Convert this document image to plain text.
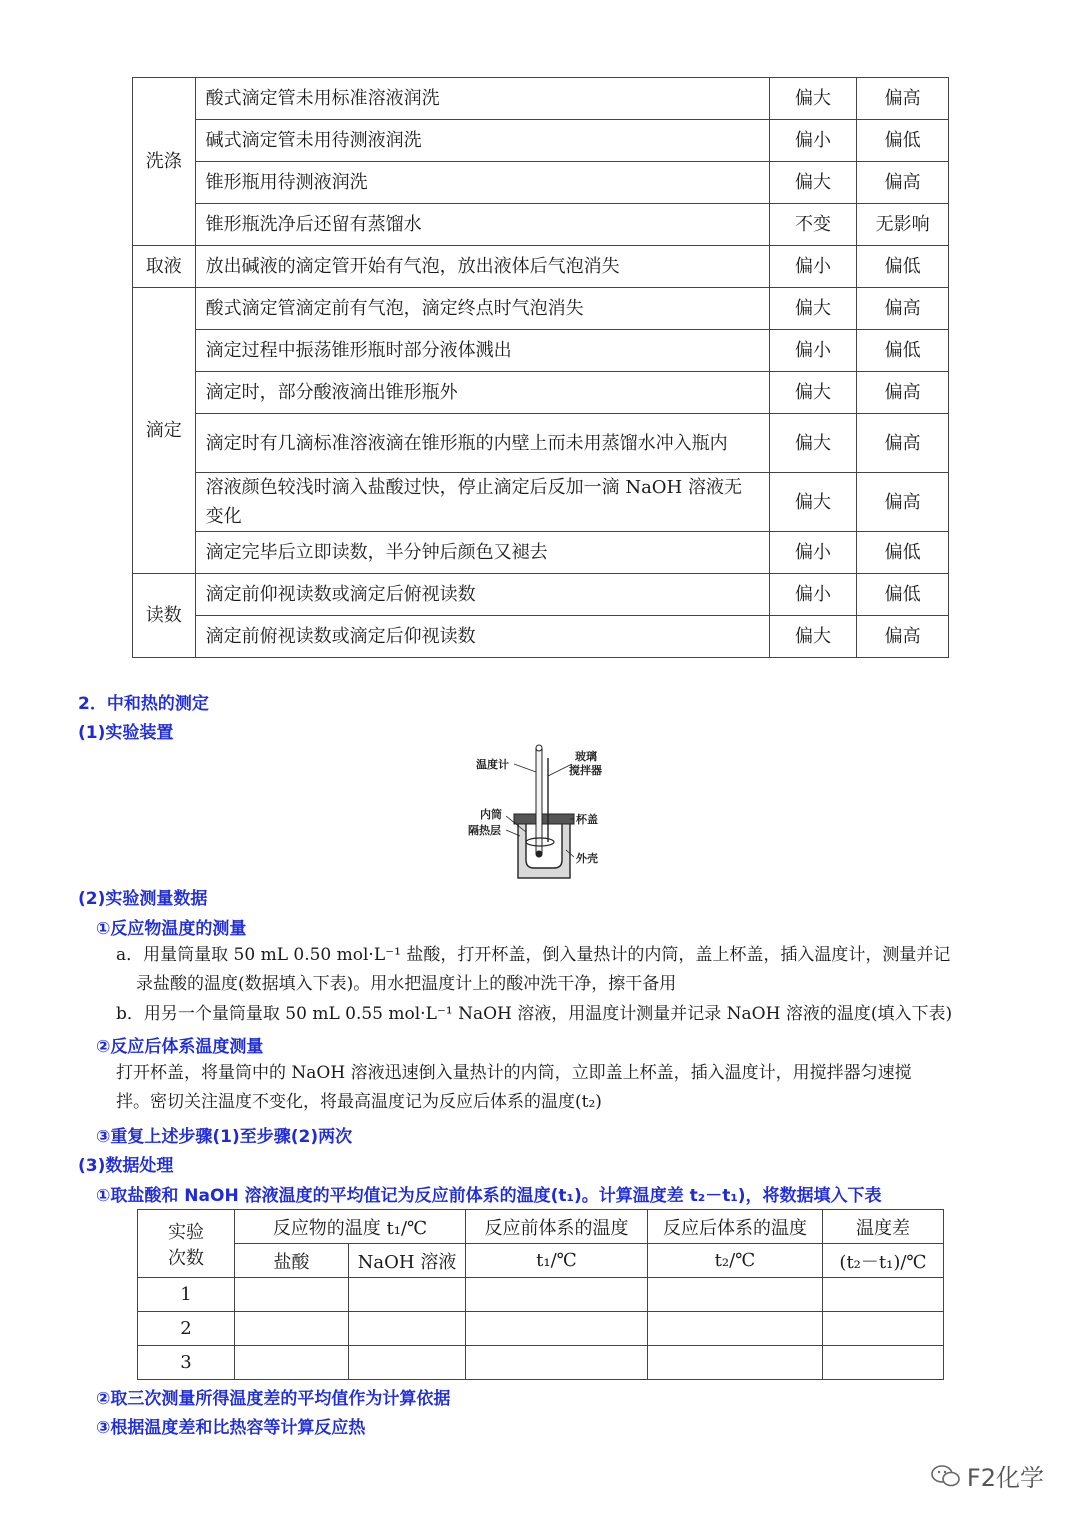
洗涤	酸式滴定管未用标准溶液润洗	偏大	偏高
	碱式滴定管未用待测液润洗	偏小	偏低
	锥形瓶用待测液润洗	偏大	偏高
	锥形瓶洗净后还留有蒸馏水	不变	无影响
取液	放出碱液的滴定管开始有气泡，放出液体后气泡消失	偏小	偏低
滴定	酸式滴定管滴定前有气泡，滴定终点时气泡消失	偏大	偏高
	滴定过程中振荡锥形瓶时部分液体溅出	偏小	偏低
	滴定时，部分酸液滴出锥形瓶外	偏大	偏高
	滴定时有几滴标准溶液滴在锥形瓶的内壁上而未用蒸馏水冲入瓶内	偏大	偏高
	溶液颜色较浅时滴入盐酸过快，停止滴定后反加一滴 NaOH 溶液无变化	偏大	偏高
	滴定完毕后立即读数，半分钟后颜色又褪去	偏小	偏低
读数	滴定前仰视读数或滴定后俯视读数	偏小	偏低
	滴定前俯视读数或滴定后仰视读数	偏大	偏高
2．中和热的测定
(1)实验装置
温度计
玻璃
搅拌器
内筒
隔热层
杯盖
外壳
(2)实验测量数据
①反应物温度的测量
a．用量筒量取 50 mL 0.50 mol·L⁻¹ 盐酸，打开杯盖，倒入量热计的内筒，盖上杯盖，插入温度计，测量并记
录盐酸的温度(数据填入下表)。用水把温度计上的酸冲洗干净，擦干备用
b．用另一个量筒量取 50 mL 0.55 mol·L⁻¹ NaOH 溶液，用温度计测量并记录 NaOH 溶液的温度(填入下表)
②反应后体系温度测量
打开杯盖，将量筒中的 NaOH 溶液迅速倒入量热计的内筒，立即盖上杯盖，插入温度计，用搅拌器匀速搅
拌。密切关注温度不变化，将最高温度记为反应后体系的温度(t₂)
③重复上述步骤(1)至步骤(2)两次
(3)数据处理
①取盐酸和 NaOH 溶液温度的平均值记为反应前体系的温度(t₁)。计算温度差 t₂－t₁)，将数据填入下表
实验
次数	反应物的温度 t₁/℃		反应前体系的温度	反应后体系的温度	温度差
	盐酸	NaOH 溶液	t₁/℃	t₂/℃	(t₂－t₁)/℃
1					
2					
3					
②取三次测量所得温度差的平均值作为计算依据
③根据温度差和比热容等计算反应热
F2化学
